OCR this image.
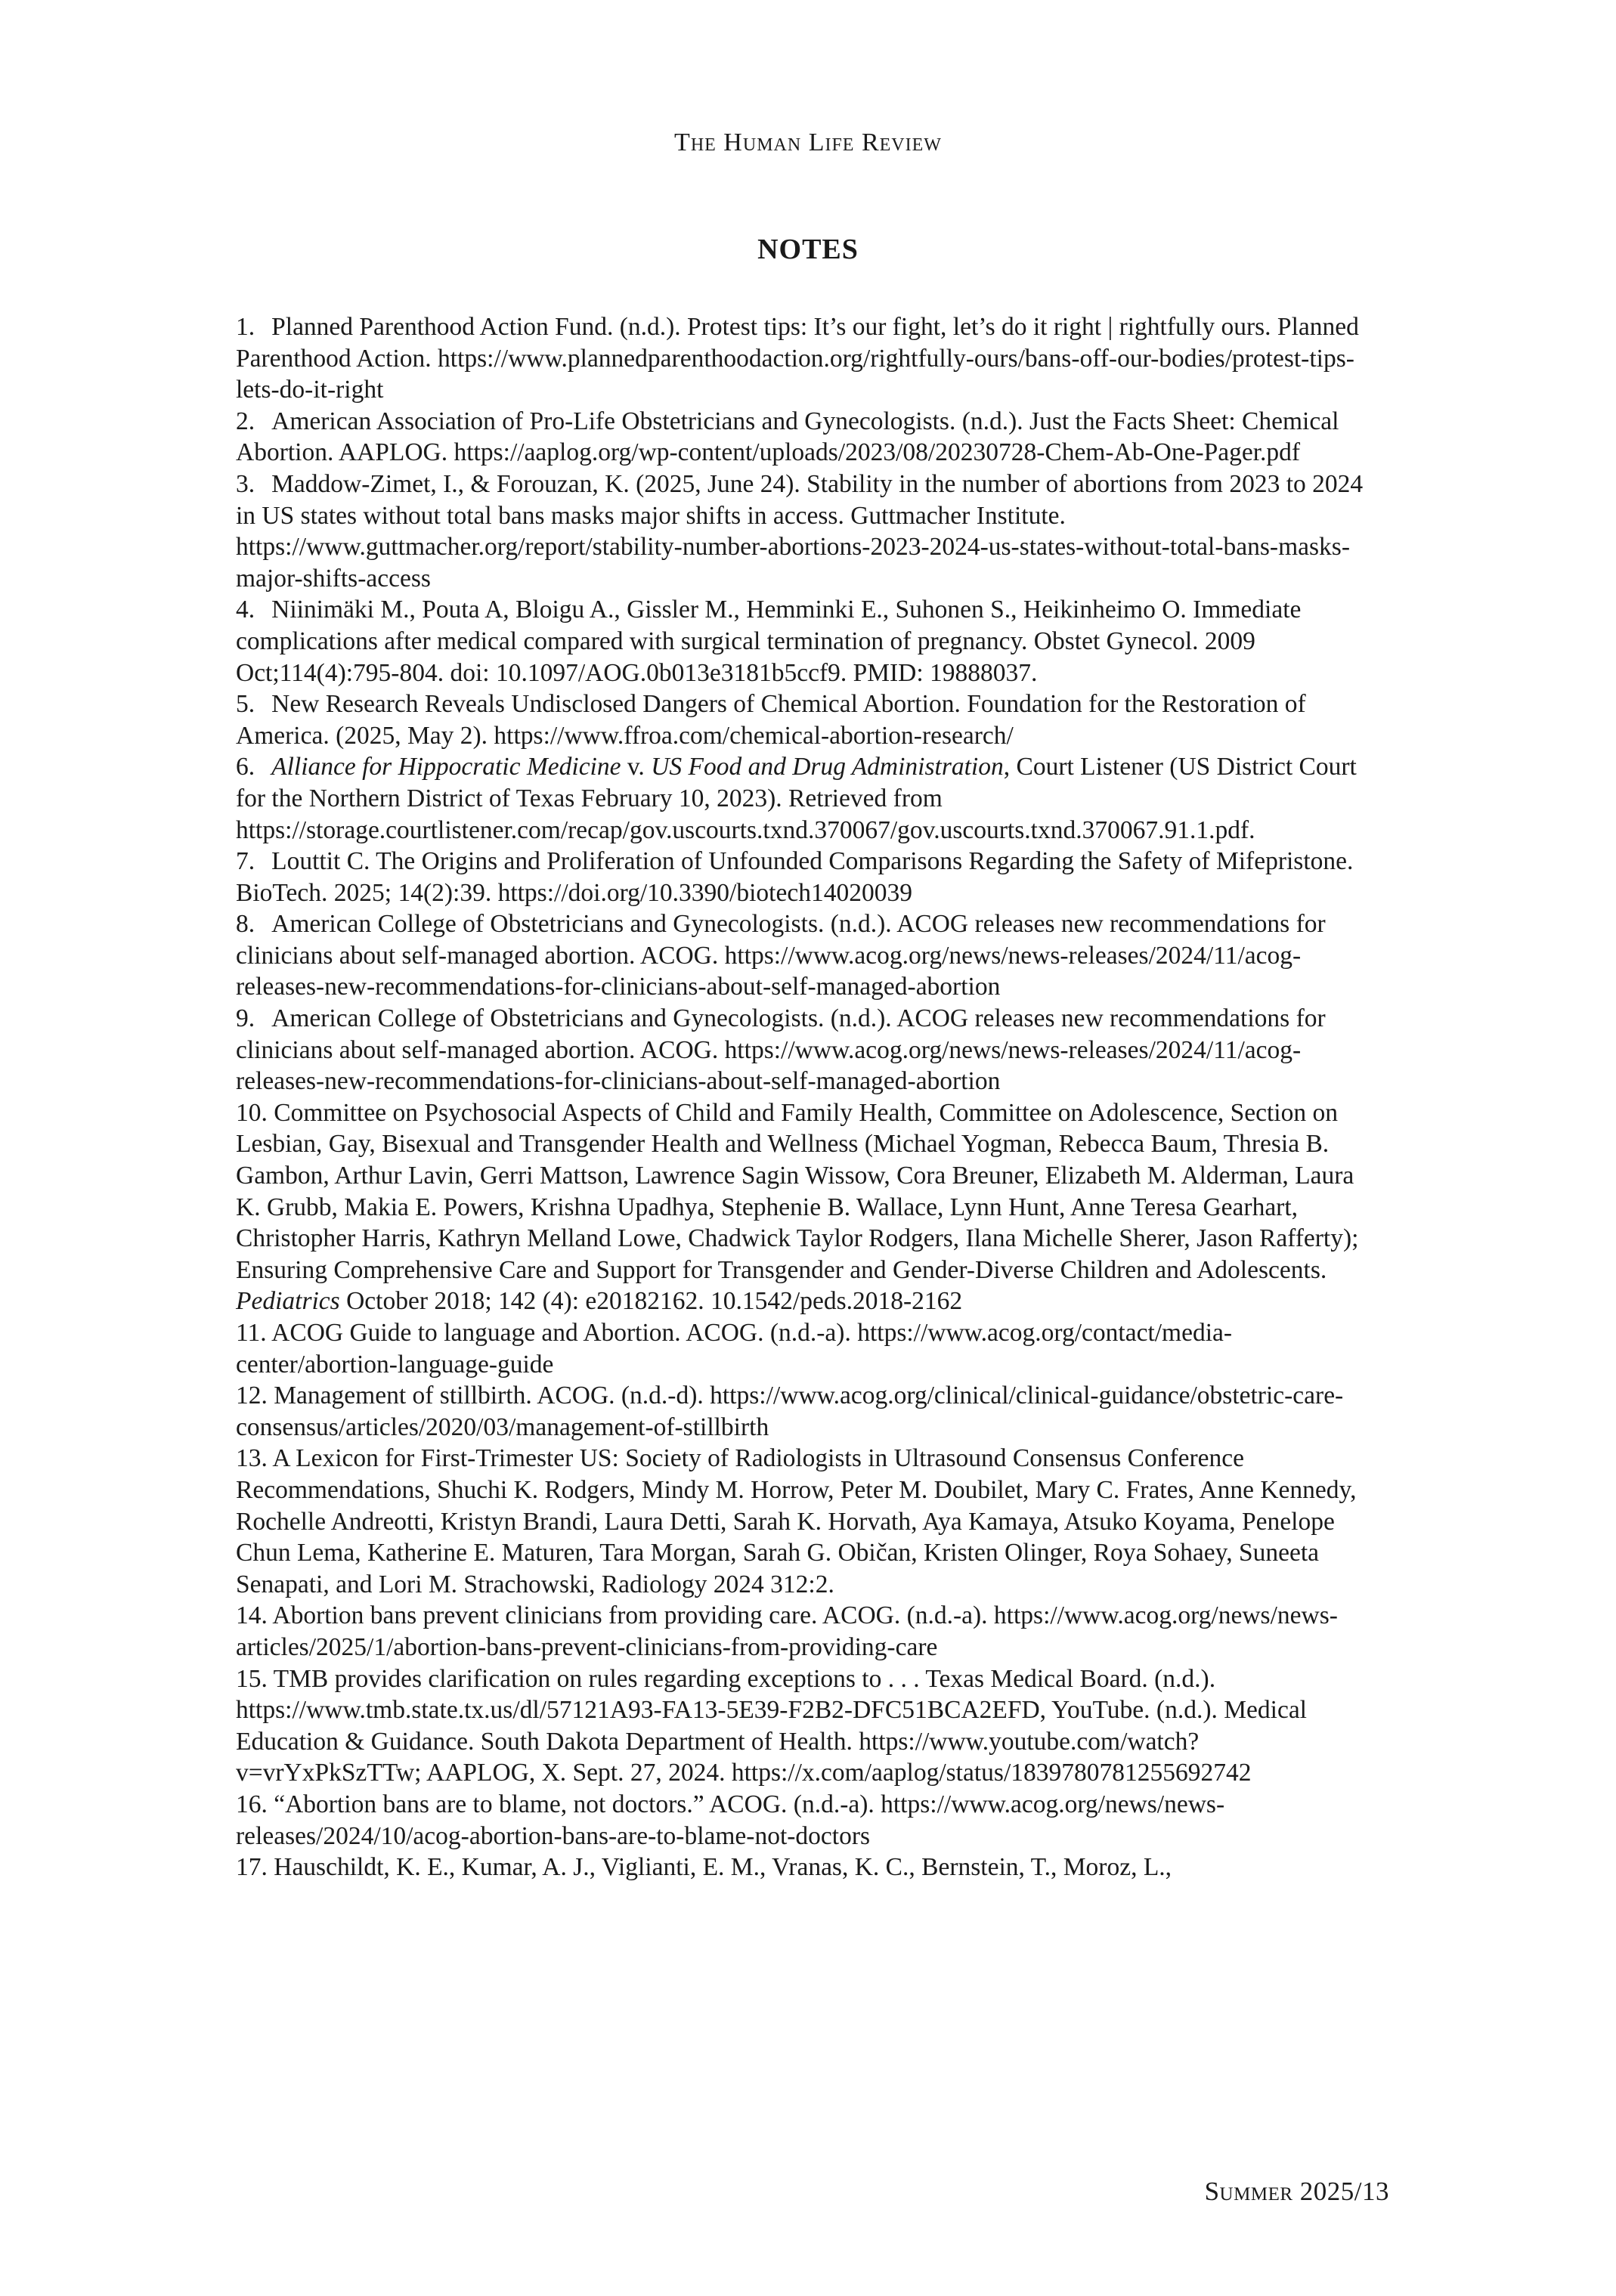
The Human Life Review
NOTES
1. Planned Parenthood Action Fund. (n.d.). Protest tips: It’s our fight, let’s do it right | rightfully ours. Planned Parenthood Action. https://www.plannedparenthoodaction.org/rightfully-ours/bans-off-our-bodies/protest-tips-lets-do-it-right
2. American Association of Pro-Life Obstetricians and Gynecologists. (n.d.). Just the Facts Sheet: Chemical Abortion. AAPLOG. https://aaplog.org/wp-content/uploads/2023/08/20230728-Chem-Ab-One-Pager.pdf
3. Maddow-Zimet, I., & Forouzan, K. (2025, June 24). Stability in the number of abortions from 2023 to 2024 in US states without total bans masks major shifts in access. Guttmacher Institute. https://www.guttmacher.org/report/stability-number-abortions-2023-2024-us-states-without-total-bans-masks-major-shifts-access
4. Niinimäki M., Pouta A, Bloigu A., Gissler M., Hemminki E., Suhonen S., Heikinheimo O. Immediate complications after medical compared with surgical termination of pregnancy. Obstet Gynecol. 2009 Oct;114(4):795-804. doi: 10.1097/AOG.0b013e3181b5ccf9. PMID: 19888037.
5. New Research Reveals Undisclosed Dangers of Chemical Abortion. Foundation for the Restoration of America. (2025, May 2). https://www.ffroa.com/chemical-abortion-research/
6. Alliance for Hippocratic Medicine v. US Food and Drug Administration, Court Listener (US District Court for the Northern District of Texas February 10, 2023). Retrieved from https://storage.courtlistener.com/recap/gov.uscourts.txnd.370067/gov.uscourts.txnd.370067.91.1.pdf.
7. Louttit C. The Origins and Proliferation of Unfounded Comparisons Regarding the Safety of Mifepristone. BioTech. 2025; 14(2):39. https://doi.org/10.3390/biotech14020039
8. American College of Obstetricians and Gynecologists. (n.d.). ACOG releases new recommendations for clinicians about self-managed abortion. ACOG. https://www.acog.org/news/news-releases/2024/11/acog-releases-new-recommendations-for-clinicians-about-self-managed-abortion
9. American College of Obstetricians and Gynecologists. (n.d.). ACOG releases new recommendations for clinicians about self-managed abortion. ACOG. https://www.acog.org/news/news-releases/2024/11/acog-releases-new-recommendations-for-clinicians-about-self-managed-abortion
10. Committee on Psychosocial Aspects of Child and Family Health, Committee on Adolescence, Section on Lesbian, Gay, Bisexual and Transgender Health and Wellness (Michael Yogman, Rebecca Baum, Thresia B. Gambon, Arthur Lavin, Gerri Mattson, Lawrence Sagin Wissow, Cora Breuner, Elizabeth M. Alderman, Laura K. Grubb, Makia E. Powers, Krishna Upadhya, Stephenie B. Wallace, Lynn Hunt, Anne Teresa Gearhart, Christopher Harris, Kathryn Melland Lowe, Chadwick Taylor Rodgers, Ilana Michelle Sherer, Jason Rafferty); Ensuring Comprehensive Care and Support for Transgender and Gender-Diverse Children and Adolescents. Pediatrics October 2018; 142 (4): e20182162. 10.1542/peds.2018-2162
11. ACOG Guide to language and Abortion. ACOG. (n.d.-a). https://www.acog.org/contact/media-center/abortion-language-guide
12. Management of stillbirth. ACOG. (n.d.-d). https://www.acog.org/clinical/clinical-guidance/obstetric-care-consensus/articles/2020/03/management-of-stillbirth
13. A Lexicon for First-Trimester US: Society of Radiologists in Ultrasound Consensus Conference Recommendations, Shuchi K. Rodgers, Mindy M. Horrow, Peter M. Doubilet, Mary C. Frates, Anne Kennedy, Rochelle Andreotti, Kristyn Brandi, Laura Detti, Sarah K. Horvath, Aya Kamaya, Atsuko Koyama, Penelope Chun Lema, Katherine E. Maturen, Tara Morgan, Sarah G. Običan, Kristen Olinger, Roya Sohaey, Suneeta Senapati, and Lori M. Strachowski, Radiology 2024 312:2.
14. Abortion bans prevent clinicians from providing care. ACOG. (n.d.-a). https://www.acog.org/news/news-articles/2025/1/abortion-bans-prevent-clinicians-from-providing-care
15. TMB provides clarification on rules regarding exceptions to . . . Texas Medical Board. (n.d.). https://www.tmb.state.tx.us/dl/57121A93-FA13-5E39-F2B2-DFC51BCA2EFD, YouTube. (n.d.). Medical Education & Guidance. South Dakota Department of Health. https://www.youtube.com/watch?v=vrYxPkSzTTw; AAPLOG, X. Sept. 27, 2024. https://x.com/aaplog/status/1839780781255692742
16. “Abortion bans are to blame, not doctors.” ACOG. (n.d.-a). https://www.acog.org/news/news-releases/2024/10/acog-abortion-bans-are-to-blame-not-doctors
17. Hauschildt, K. E., Kumar, A. J., Viglianti, E. M., Vranas, K. C., Bernstein, T., Moroz, L.,
Summer 2025/13
